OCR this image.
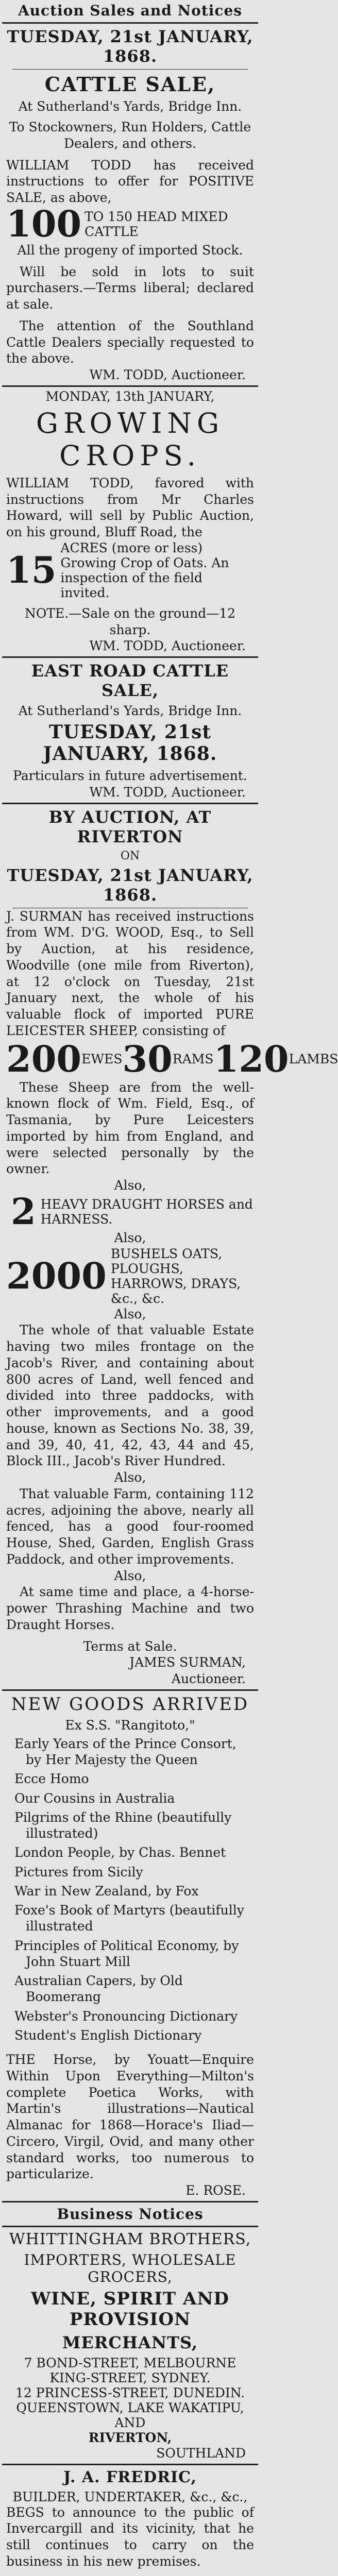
Auction Sales and Notices
TUESDAY, 21st JANUARY, 1868.
CATTLE SALE,
At Sutherland's Yards, Bridge Inn.
To Stockowners, Run Holders, Cattle Dealers, and others.
WILLIAM TODD has received instructions to offer for POSITIVE SALE, as above,
100 TO 150 HEAD MIXED CATTLE
All the progeny of imported Stock.
Will be sold in lots to suit purchasers.—Terms liberal; declared at sale.
The attention of the Southland Cattle Dealers specially requested to the above.
WM. TODD, Auctioneer.
MONDAY, 13th JANUARY,
GROWING CROPS.
WILLIAM TODD, favored with instructions from Mr Charles Howard, will sell by Public Auction, on his ground, Bluff Road, the
15
ACRES (more or less) Growing Crop of Oats. An inspection of the field invited.
NOTE.—Sale on the ground—12 sharp.
WM. TODD, Auctioneer.
EAST ROAD CATTLE SALE,
At Sutherland's Yards, Bridge Inn.
TUESDAY, 21st JANUARY, 1868.
Particulars in future advertisement.
WM. TODD, Auctioneer.
BY AUCTION, AT RIVERTON
ON
TUESDAY, 21st JANUARY, 1868.
J. SURMAN has received instructions from WM. D'G. WOOD, Esq., to Sell by Auction, at his residence, Woodville (one mile from Riverton), at 12 o'clock on Tuesday, 21st January next, the whole of his valuable flock of imported PURE LEICESTER SHEEP, consisting of
200 EWES 30 RAMS 120 LAMBS
These Sheep are from the well-known flock of Wm. Field, Esq., of Tasmania, by Pure Leicesters imported by him from England, and were selected personally by the owner.
Also,
2 HEAVY DRAUGHT HORSES and HARNESS.
Also,
2000
BUSHELS OATS, PLOUGHS, HARROWS, DRAYS, &c., &c.
Also,
The whole of that valuable Estate having two miles frontage on the Jacob's River, and containing about 800 acres of Land, well fenced and divided into three paddocks, with other improvements, and a good house, known as Sections No. 38, 39, and 39, 40, 41, 42, 43, 44 and 45, Block III., Jacob's River Hundred.
Also,
That valuable Farm, containing 112 acres, adjoining the above, nearly all fenced, has a good four-roomed House, Shed, Garden, English Grass Paddock, and other improvements.
Also,
At same time and place, a 4-horse-power Thrashing Machine and two Draught Horses.
Terms at Sale.
JAMES SURMAN,
Auctioneer.
NEW GOODS ARRIVED
Ex S.S. "Rangitoto,"
Early Years of the Prince Consort, by Her Majesty the Queen
Ecce Homo
Our Cousins in Australia
Pilgrims of the Rhine (beautifully illustrated)
London People, by Chas. Bennet
Pictures from Sicily
War in New Zealand, by Fox
Foxe's Book of Martyrs (beautifully illustrated
Principles of Political Economy, by John Stuart Mill
Australian Capers, by Old Boomerang
Webster's Pronouncing Dictionary
Student's English Dictionary
THE Horse, by Youatt—Enquire Within Upon Everything—Milton's complete Poetica Works, with Martin's illustrations—Nautical Almanac for 1868—Horace's Iliad—Circero, Virgil, Ovid, and many other standard works, too numerous to particularize.
E. ROSE.
Business Notices
WHITTINGHAM BROTHERS,
IMPORTERS, WHOLESALE GROCERS,
WINE, SPIRIT AND PROVISION
MERCHANTS,
7 BOND-STREET, MELBOURNE
KING-STREET, SYDNEY.
12 PRINCESS-STREET, DUNEDIN.
QUEENSTOWN, LAKE WAKATIPU,
AND
RIVERTON,
SOUTHLAND
J. A. FREDRIC,
BUILDER, UNDERTAKER, &c., &c.,
BEGS to announce to the public of Invercargill and its vicinity, that he still continues to carry on the business in his new premises.
